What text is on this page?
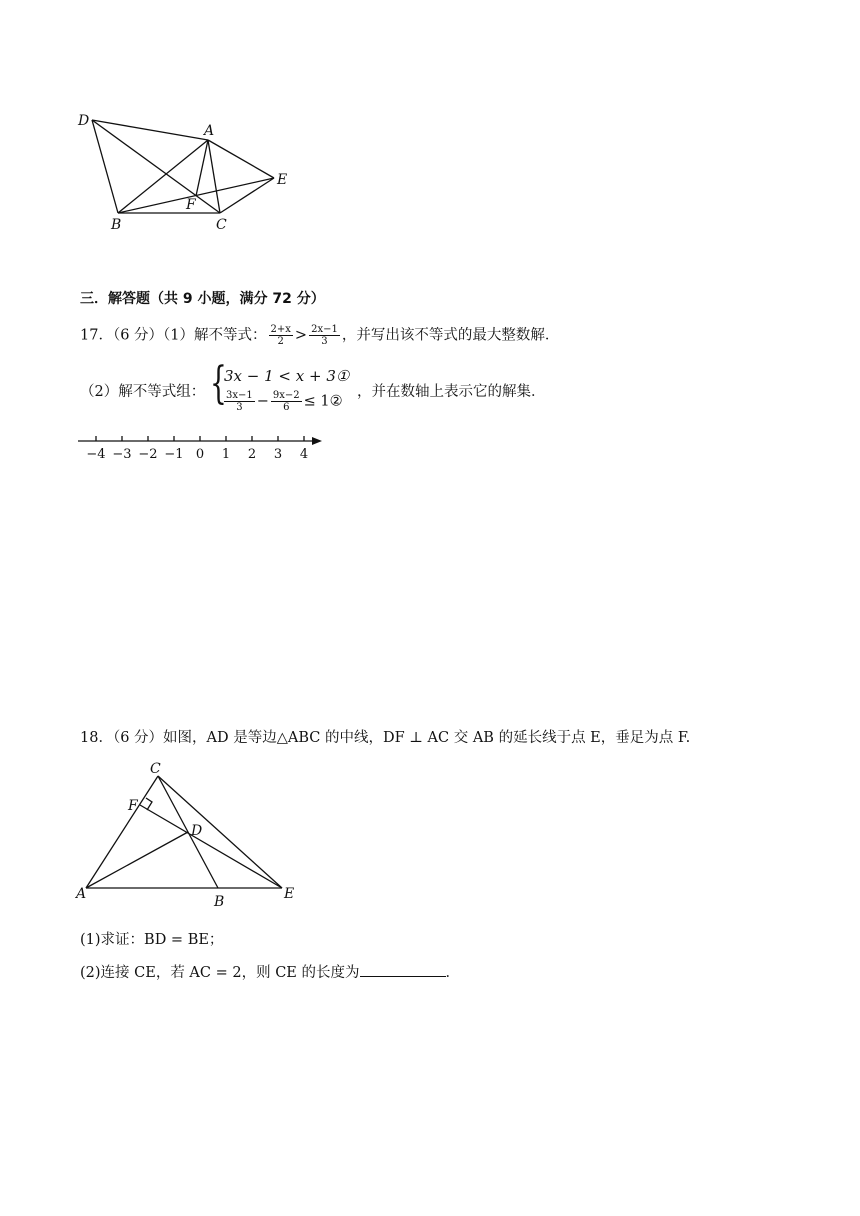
D
A
E
F
B	C
三．解答题（共 9 小题，满分 72 分）
17．（6 分）（1）解不等式： $\frac{2+x}{2} > \frac{2x-1}{3}$ ，并写出该不等式的最大整数解．
（2）解不等式组： {
3x − 1 < x + 3①
$\frac{3x-1}{3} - \frac{9x-2}{6}$ ≤ 1②
，并在数轴上表示它的解集．
−4 −3 −2 −1 0 1 2 3 4
18．（6 分）如图，AD 是等边△ABC 的中线，DF ⊥ AC 交 AB 的延长线于点 E，垂足为点 F.
C
F
D
A	B	E
(1)求证：BD = BE；
(2)连接 CE，若 AC = 2，则 CE 的长度为	．
